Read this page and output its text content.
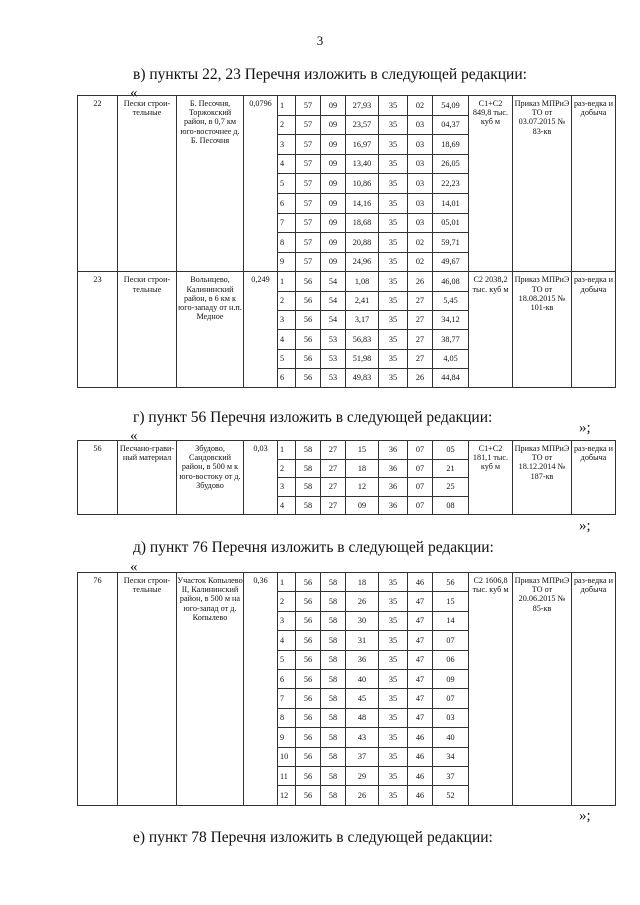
3
в) пункты 22, 23 Перечня изложить в следующей редакции:
«
22	Пески строи-тельные	Б. Песочня, Торжокский район, в 0,7 км юго-восточнее д. Б. Песочня	0,0796	1	57	09	27,93	35	02	54,09	С1+С2 849,8 тыс. куб м	Приказ МПРиЭ ТО от 03.07.2015 № 83-кв	раз-ведка и добыча
				2	57	09	23,57	35	03	04,37			
				3	57	09	16,97	35	03	18,69			
				4	57	09	13,40	35	03	26,05			
				5	57	09	10,86	35	03	22,23			
				6	57	09	14,16	35	03	14,01			
				7	57	09	18,68	35	03	05,01			
				8	57	09	20,88	35	02	59,71			
				9	57	09	24,96	35	02	49,67			
23	Пески строи-тельные	Вольнцево, Калининский район, в 6 км к юго-западу от н.п. Медное	0,249	1	56	54	1,08	35	26	46,08	С2 2038,2 тыс. куб м	Приказ МПРиЭ ТО от 18.08.2015 № 101-кв	раз-ведка и добыча
				2	56	54	2,41	35	27	5,45			
				3	56	54	3,17	35	27	34,12			
				4	56	53	56,83	35	27	38,77			
				5	56	53	51,98	35	27	4,05			
				6	56	53	49,83	35	26	44,84			
»;
г) пункт 56 Перечня изложить в следующей редакции:
«
56	Песчано-грави-ный материал	Збудово, Сандовский район, в 500 м к юго-востоку от д. Збудово	0,03	1	58	27	15	36	07	05	С1+С2 181,1 тыс. куб м	Приказ МПРиЭ ТО от 18.12.2014 № 187-кв	раз-ведка и добыча
				2	58	27	18	36	07	21			
				3	58	27	12	36	07	25			
				4	58	27	09	36	07	08			
»;
д) пункт 76 Перечня изложить в следующей редакции:
«
76	Пески строи-тельные	Участок Копылево II, Калининский район, в 500 м на юго-запад от д. Копылево	0,36	1	56	58	18	35	46	56	С2 1606,8 тыс. куб м	Приказ МПРиЭ ТО от 20.06.2015 № 85-кв	раз-ведка и добыча
				2	56	58	26	35	47	15			
				3	56	58	30	35	47	14			
				4	56	58	31	35	47	07			
				5	56	58	36	35	47	06			
				6	56	58	40	35	47	09			
				7	56	58	45	35	47	07			
				8	56	58	48	35	47	03			
				9	56	58	43	35	46	40			
				10	56	58	37	35	46	34			
				11	56	58	29	35	46	37			
				12	56	58	26	35	46	52			
»;
е) пункт 78 Перечня изложить в следующей редакции:
